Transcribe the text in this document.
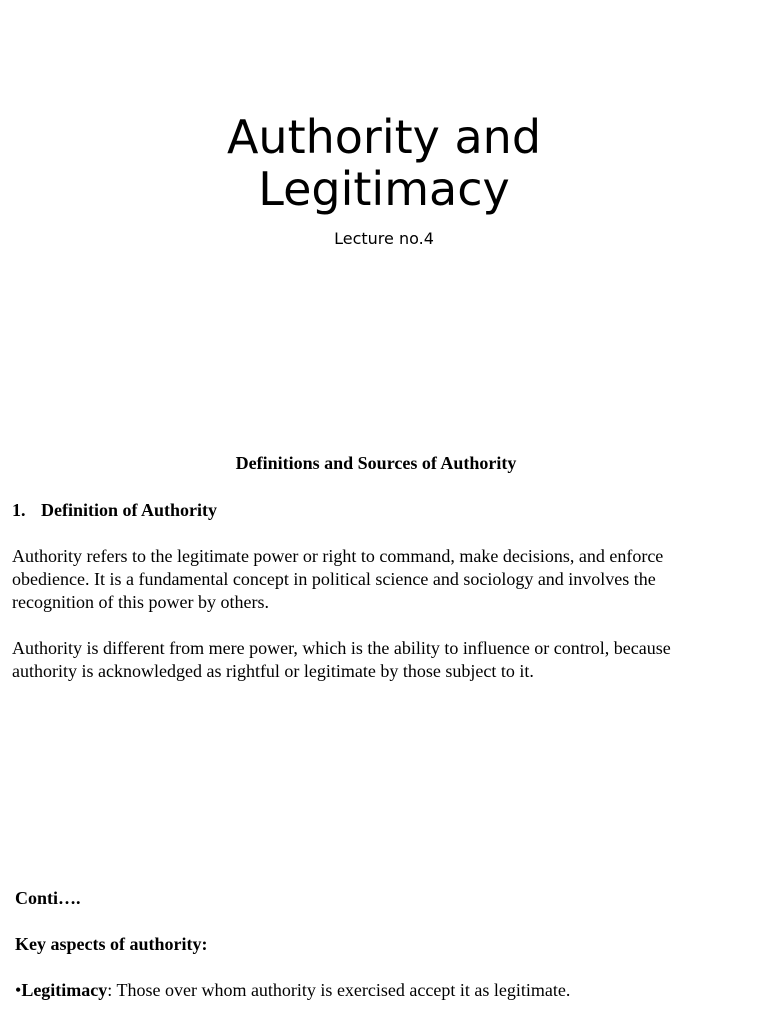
Authority and
Legitimacy
Lecture no.4
Definitions and Sources of Authority
1. Definition of Authority

Authority refers to the legitimate power or right to command, make decisions, and enforce
obedience. It is a fundamental concept in political science and sociology and involves the
recognition of this power by others.

Authority is different from mere power, which is the ability to influence or control, because
authority is acknowledged as rightful or legitimate by those subject to it.

Conti….

Key aspects of authority:

•Legitimacy: Those over whom authority is exercised accept it as legitimate.
